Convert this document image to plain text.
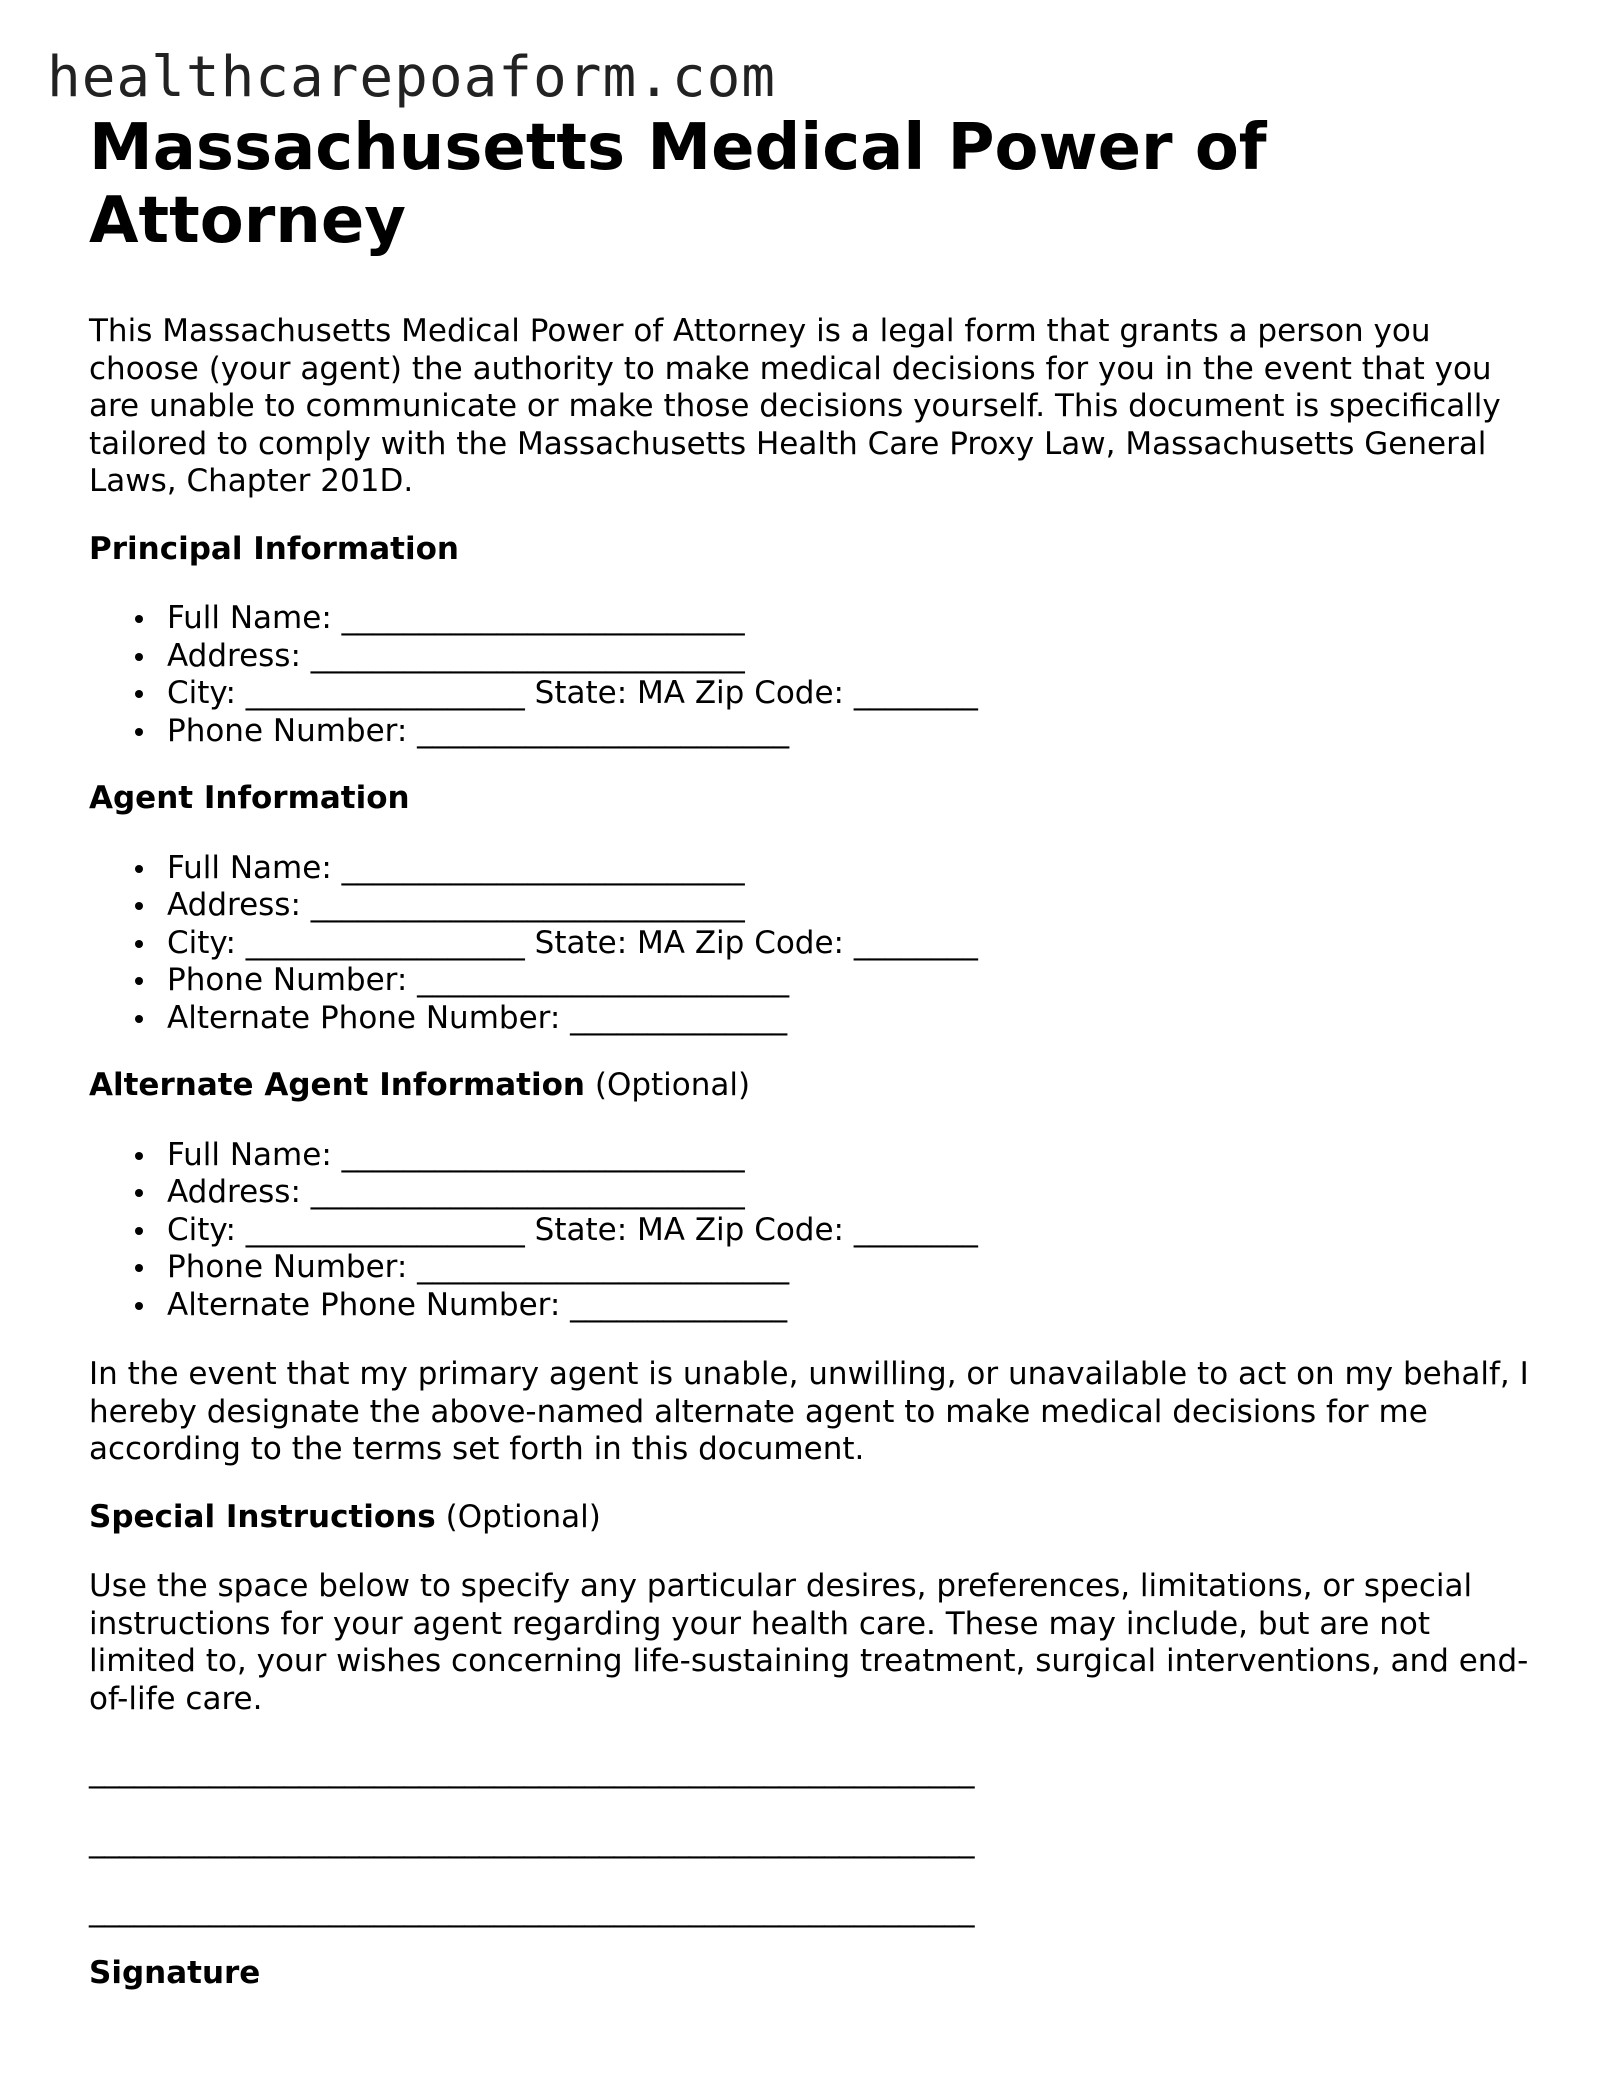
healthcarepoaform.com
Massachusetts Medical Power of Attorney

This Massachusetts Medical Power of Attorney is a legal form that grants a person you choose (your agent) the authority to make medical decisions for you in the event that you are unable to communicate or make those decisions yourself. This document is specifically tailored to comply with the Massachusetts Health Care Proxy Law, Massachusetts General Laws, Chapter 201D.

Principal Information

Full Name: __________________________
Address: ____________________________
City: __________________ State: MA Zip Code: ________
Phone Number: ________________________

Agent Information

Full Name: __________________________
Address: ____________________________
City: __________________ State: MA Zip Code: ________
Phone Number: ________________________
Alternate Phone Number: ______________

Alternate Agent Information (Optional)

Full Name: __________________________
Address: ____________________________
City: __________________ State: MA Zip Code: ________
Phone Number: ________________________
Alternate Phone Number: ______________

In the event that my primary agent is unable, unwilling, or unavailable to act on my behalf, I hereby designate the above-named alternate agent to make medical decisions for me according to the terms set forth in this document.

Special Instructions (Optional)

Use the space below to specify any particular desires, preferences, limitations, or special instructions for your agent regarding your health care. These may include, but are not limited to, your wishes concerning life-sustaining treatment, surgical interventions, and end-of-life care.

___________________________________________________________

___________________________________________________________

___________________________________________________________

Signature
